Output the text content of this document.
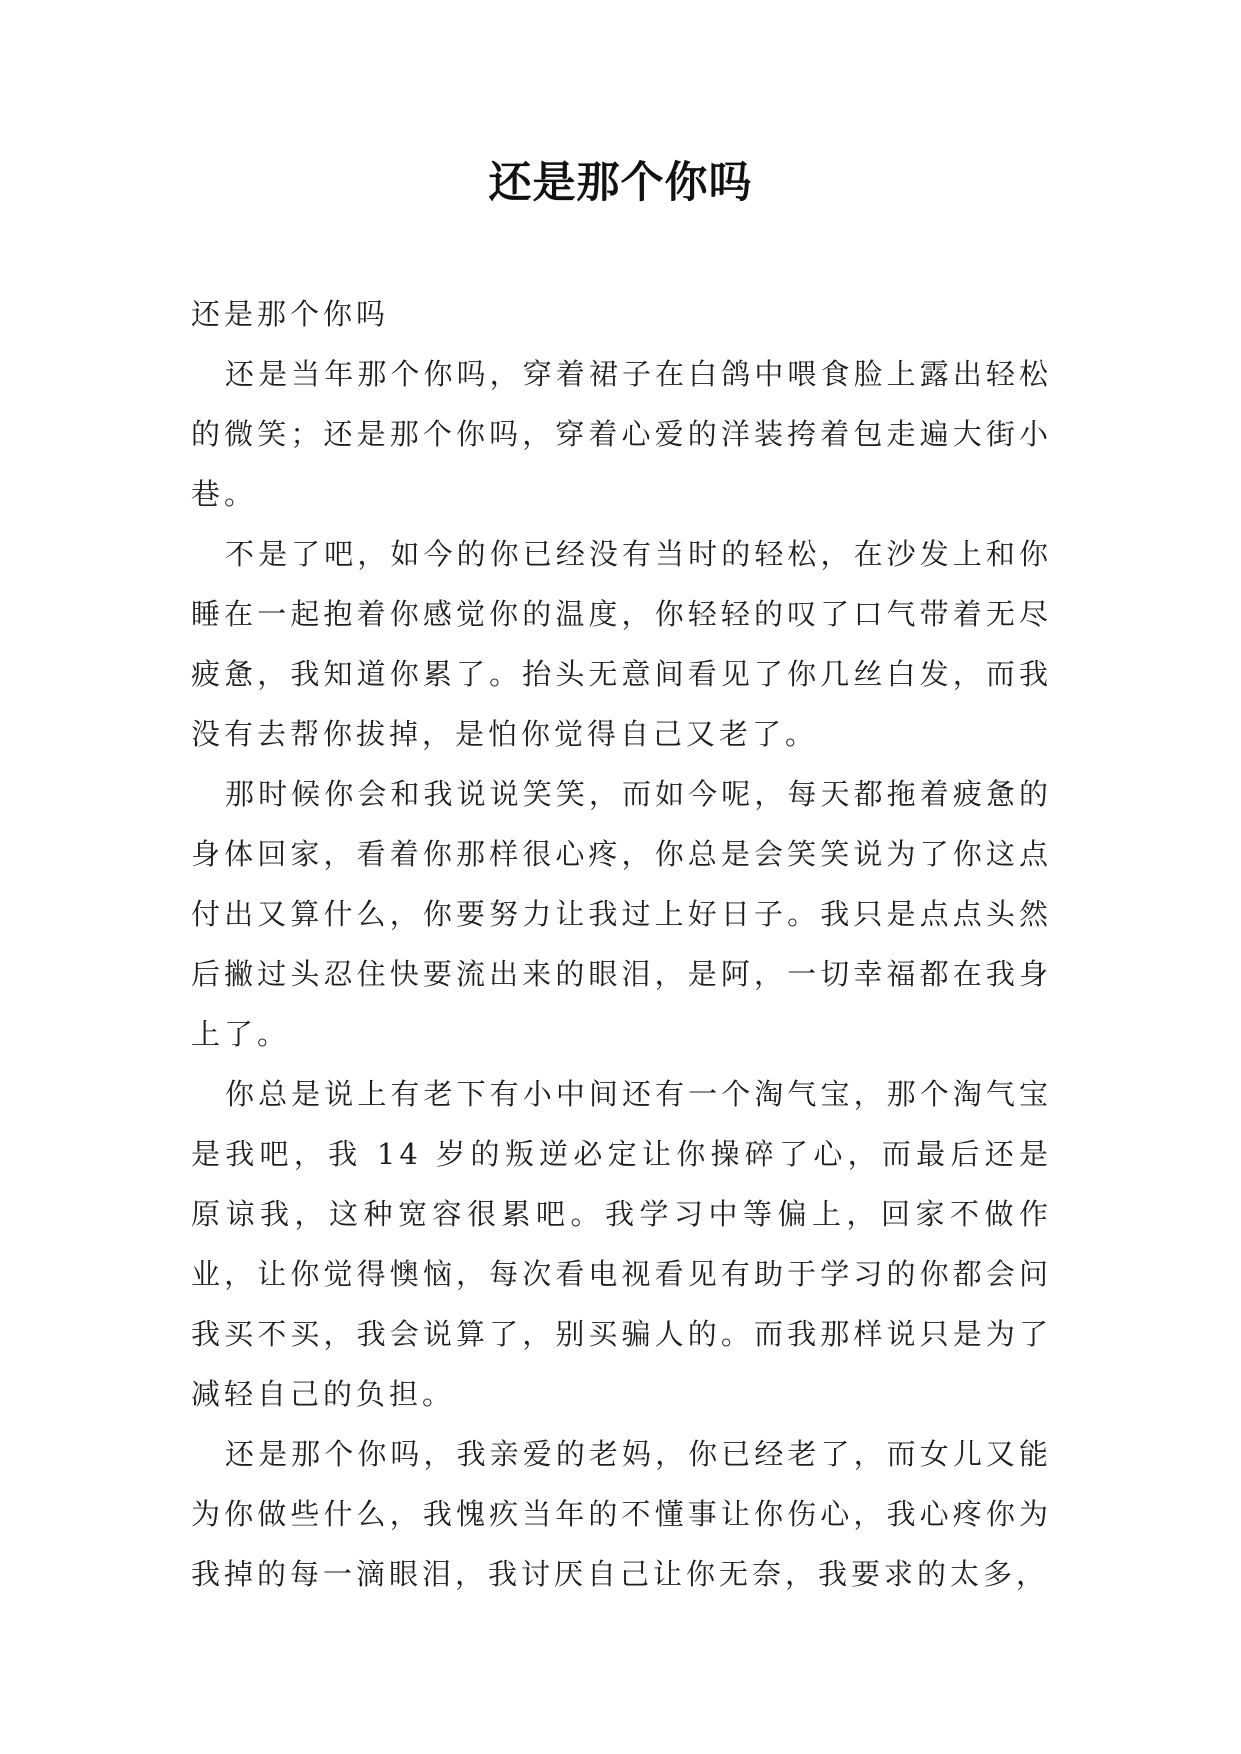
还是那个你吗

还是那个你吗

还是当年那个你吗，穿着裙子在白鸽中喂食脸上露出轻松的微笑；还是那个你吗，穿着心爱的洋装挎着包走遍大街小巷。

不是了吧，如今的你已经没有当时的轻松，在沙发上和你睡在一起抱着你感觉你的温度，你轻轻的叹了口气带着无尽疲惫，我知道你累了。抬头无意间看见了你几丝白发，而我没有去帮你拔掉，是怕你觉得自己又老了。

那时候你会和我说说笑笑，而如今呢，每天都拖着疲惫的身体回家，看着你那样很心疼，你总是会笑笑说为了你这点付出又算什么，你要努力让我过上好日子。我只是点点头然后撇过头忍住快要流出来的眼泪，是阿，一切幸福都在我身上了。

你总是说上有老下有小中间还有一个淘气宝，那个淘气宝是我吧，我 14 岁的叛逆必定让你操碎了心，而最后还是原谅我，这种宽容很累吧。我学习中等偏上，回家不做作业，让你觉得懊恼，每次看电视看见有助于学习的你都会问我买不买，我会说算了，别买骗人的。而我那样说只是为了减轻自己的负担。

还是那个你吗，我亲爱的老妈，你已经老了，而女儿又能为你做些什么，我愧疚当年的不懂事让你伤心，我心疼你为我掉的每一滴眼泪，我讨厌自己让你无奈，我要求的太多，
